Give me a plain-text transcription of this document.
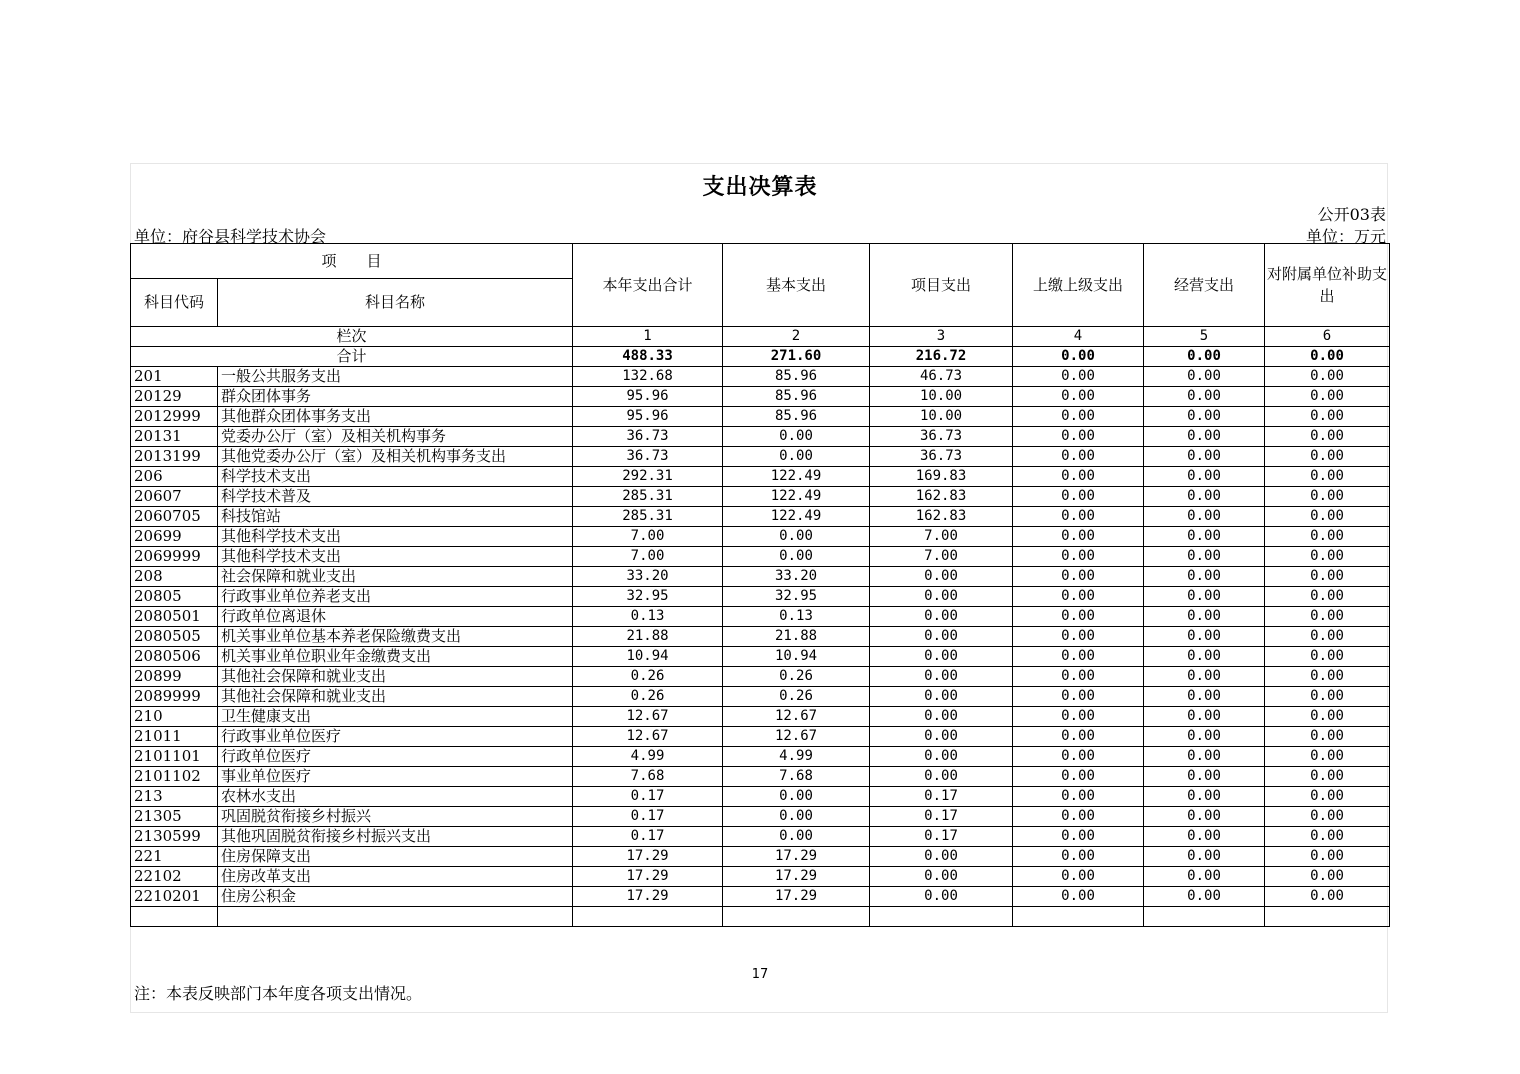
支出决算表
公开03表
单位：府谷县科学技术协会	单位：万元
项　　目		本年支出合计	基本支出	项目支出	上缴上级支出	经营支出	对附属单位补助支出
科目代码	科目名称						
栏次		1	2	3	4	5	6
合计		488.33	271.60	216.72	0.00	0.00	0.00
201	一般公共服务支出	132.68	85.96	46.73	0.00	0.00	0.00
20129	群众团体事务	95.96	85.96	10.00	0.00	0.00	0.00
2012999	其他群众团体事务支出	95.96	85.96	10.00	0.00	0.00	0.00
20131	党委办公厅（室）及相关机构事务	36.73	0.00	36.73	0.00	0.00	0.00
2013199	其他党委办公厅（室）及相关机构事务支出	36.73	0.00	36.73	0.00	0.00	0.00
206	科学技术支出	292.31	122.49	169.83	0.00	0.00	0.00
20607	科学技术普及	285.31	122.49	162.83	0.00	0.00	0.00
2060705	科技馆站	285.31	122.49	162.83	0.00	0.00	0.00
20699	其他科学技术支出	7.00	0.00	7.00	0.00	0.00	0.00
2069999	其他科学技术支出	7.00	0.00	7.00	0.00	0.00	0.00
208	社会保障和就业支出	33.20	33.20	0.00	0.00	0.00	0.00
20805	行政事业单位养老支出	32.95	32.95	0.00	0.00	0.00	0.00
2080501	行政单位离退休	0.13	0.13	0.00	0.00	0.00	0.00
2080505	机关事业单位基本养老保险缴费支出	21.88	21.88	0.00	0.00	0.00	0.00
2080506	机关事业单位职业年金缴费支出	10.94	10.94	0.00	0.00	0.00	0.00
20899	其他社会保障和就业支出	0.26	0.26	0.00	0.00	0.00	0.00
2089999	其他社会保障和就业支出	0.26	0.26	0.00	0.00	0.00	0.00
210	卫生健康支出	12.67	12.67	0.00	0.00	0.00	0.00
21011	行政事业单位医疗	12.67	12.67	0.00	0.00	0.00	0.00
2101101	行政单位医疗	4.99	4.99	0.00	0.00	0.00	0.00
2101102	事业单位医疗	7.68	7.68	0.00	0.00	0.00	0.00
213	农林水支出	0.17	0.00	0.17	0.00	0.00	0.00
21305	巩固脱贫衔接乡村振兴	0.17	0.00	0.17	0.00	0.00	0.00
2130599	其他巩固脱贫衔接乡村振兴支出	0.17	0.00	0.17	0.00	0.00	0.00
221	住房保障支出	17.29	17.29	0.00	0.00	0.00	0.00
22102	住房改革支出	17.29	17.29	0.00	0.00	0.00	0.00
2210201	住房公积金	17.29	17.29	0.00	0.00	0.00	0.00

17
注：本表反映部门本年度各项支出情况。
